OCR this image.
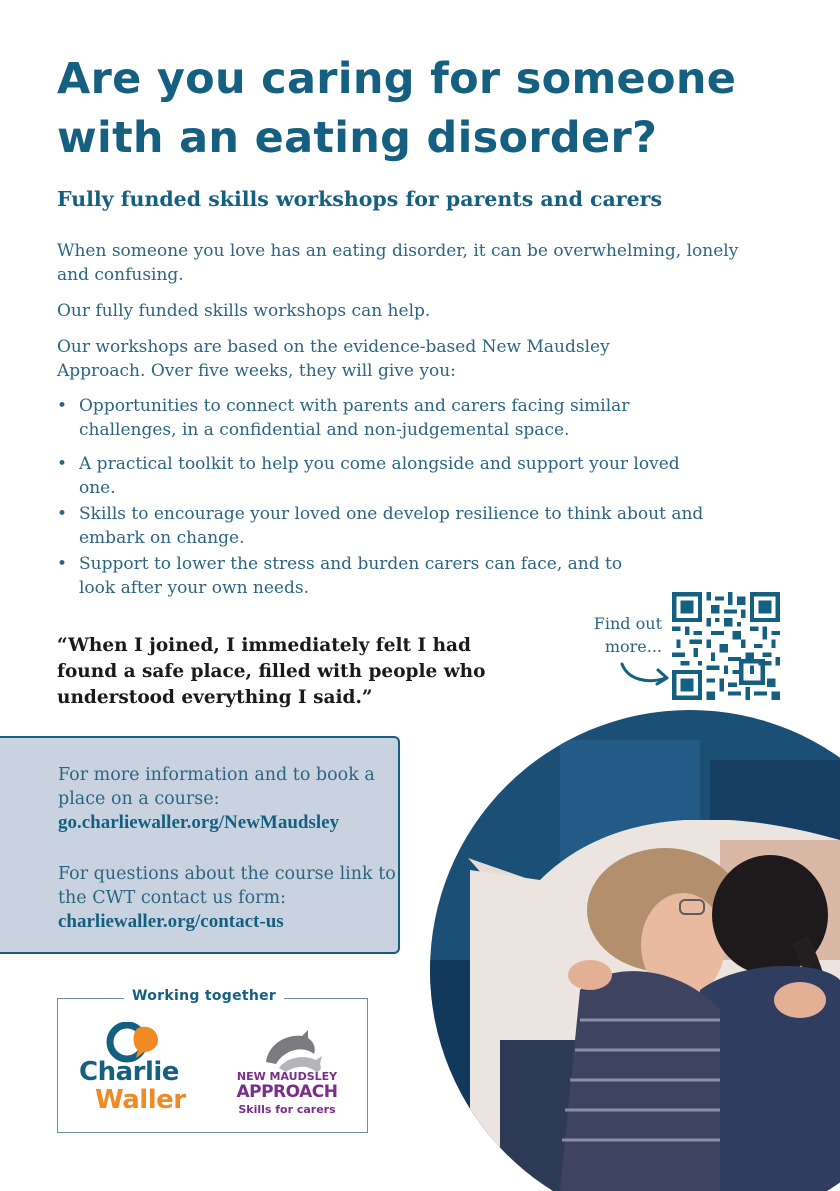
Are you caring for someone with an eating disorder?
Fully funded skills workshops for parents and carers

When someone you love has an eating disorder, it can be overwhelming, lonely and confusing.

Our fully funded skills workshops can help.

Our workshops are based on the evidence-based New Maudsley Approach. Over five weeks, they will give you:

• Opportunities to connect with parents and carers facing similar challenges, in a confidential and non-judgemental space.
• A practical toolkit to help you come alongside and support your loved one.
• Skills to encourage your loved one develop resilience to think about and embark on change.
• Support to lower the stress and burden carers can face, and to look after your own needs.

“When I joined, I immediately felt I had found a safe place, filled with people who understood everything I said.”

Find out more...
For more information and to book a place on a course:
go.charliewaller.org/NewMaudsley
For questions about the course link to the CWT contact us form:
charliewaller.org/contact-us
Working together
Charlie
Waller
NEW MAUDSLEY
APPROACH
Skills for carers
